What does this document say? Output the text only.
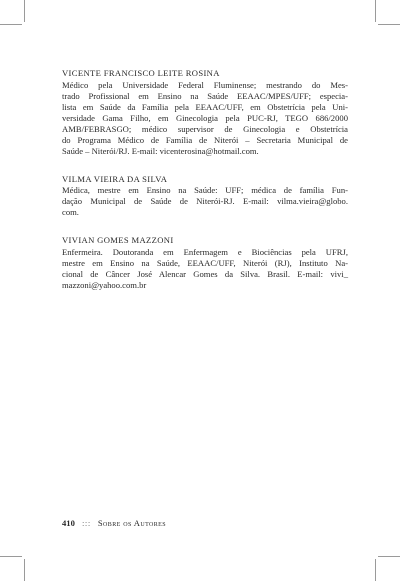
VICENTE FRANCISCO LEITE ROSINA
Médico pela Universidade Federal Fluminense; mestrando do Mes-
trado Profissional em Ensino na Saúde EEAAC/MPES/UFF; especia-
lista em Saúde da Família pela EEAAC/UFF, em Obstetrícia pela Uni-
versidade Gama Filho, em Ginecologia pela PUC-RJ, TEGO 686/2000
AMB/FEBRASGO; médico supervisor de Ginecologia e Obstetrícia
do Programa Médico de Família de Niterói – Secretaria Municipal de
Saúde – Niterói/RJ. E-mail: vicenterosina@hotmail.com.
VILMA VIEIRA DA SILVA
Médica, mestre em Ensino na Saúde: UFF; médica de família Fun-
dação Municipal de Saúde de Niterói-RJ. E-mail: vilma.vieira@globo.
com.
VIVIAN GOMES MAZZONI
Enfermeira. Doutoranda em Enfermagem e Biociências pela UFRJ,
mestre em Ensino na Saúde, EEAAC/UFF, Niterói (RJ), Instituto Na-
cional de Câncer José Alencar Gomes da Silva. Brasil. E-mail: vivi_
mazzoni@yahoo.com.br
410 ::: Sobre os Autores
